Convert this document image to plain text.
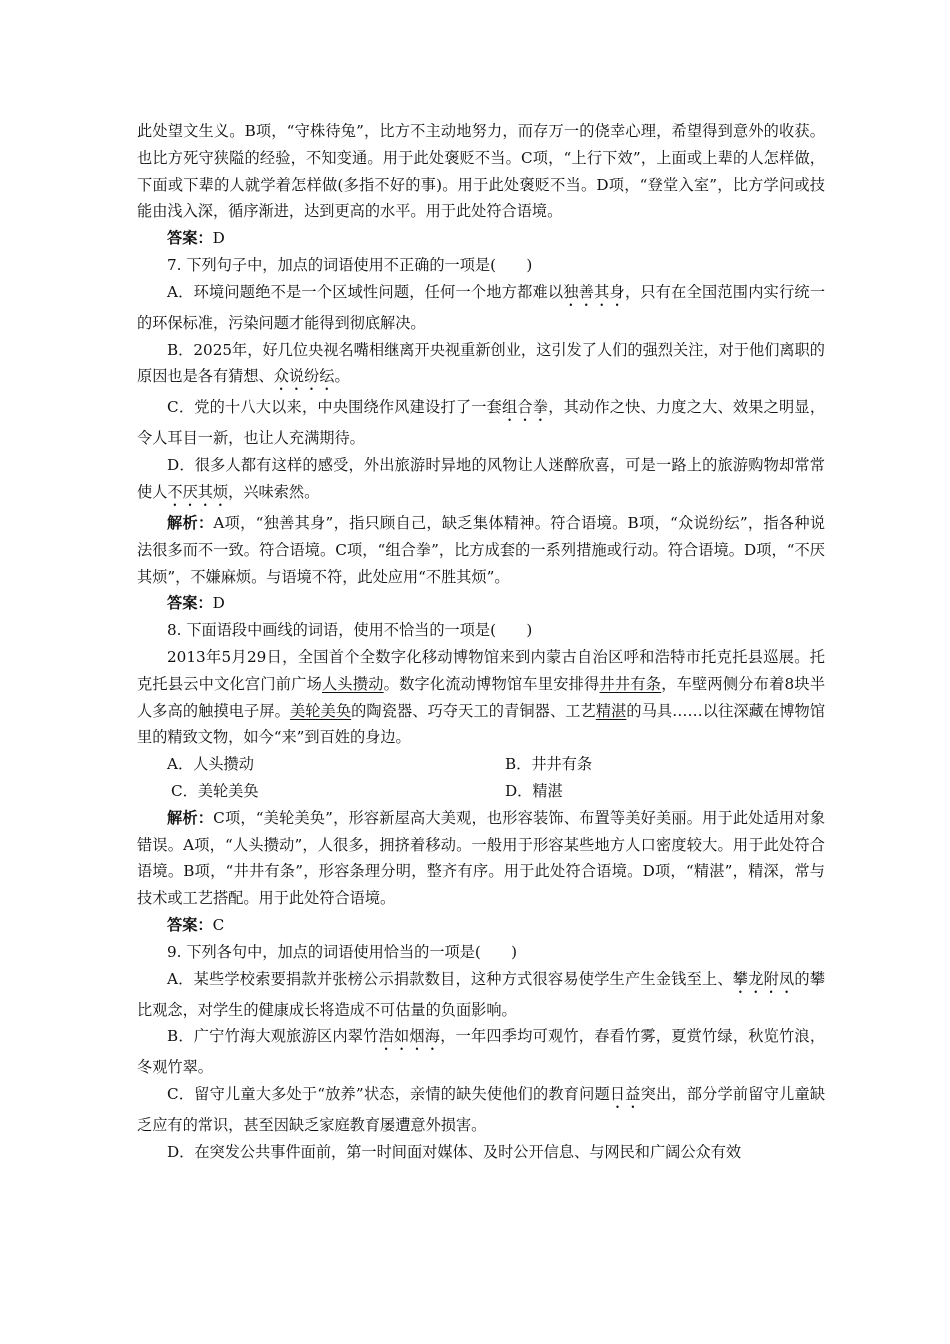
此处望文生义。B项，“守株待兔”，比方不主动地努力，而存万一的侥幸心理，希望得到意外的收获。也比方死守狭隘的经验，不知变通。用于此处褒贬不当。C项，“上行下效”，上面或上辈的人怎样做，下面或下辈的人就学着怎样做(多指不好的事)。用于此处褒贬不当。D项，“登堂入室”，比方学问或技能由浅入深，循序渐进，达到更高的水平。用于此处符合语境。

答案：D

7. 下列句子中，加点的词语使用不正确的一项是(　　)

A．环境问题绝不是一个区域性问题，任何一个地方都难以独善其身，只有在全国范围内实行统一的环保标准，污染问题才能得到彻底解决。

B．2025年，好几位央视名嘴相继离开央视重新创业，这引发了人们的强烈关注，对于他们离职的原因也是各有猜想、众说纷纭。

C．党的十八大以来，中央围绕作风建设打了一套组合拳，其动作之快、力度之大、效果之明显，令人耳目一新，也让人充满期待。

D．很多人都有这样的感受，外出旅游时异地的风物让人迷醉欣喜，可是一路上的旅游购物却常常使人不厌其烦，兴味索然。

解析：A项，“独善其身”，指只顾自己，缺乏集体精神。符合语境。B项，“众说纷纭”，指各种说法很多而不一致。符合语境。C项，“组合拳”，比方成套的一系列措施或行动。符合语境。D项，“不厌其烦”，不嫌麻烦。与语境不符，此处应用“不胜其烦”。

答案：D

8. 下面语段中画线的词语，使用不恰当的一项是(　　)

2013年5月29日，全国首个全数字化移动博物馆来到内蒙古自治区呼和浩特市托克托县巡展。托克托县云中文化宫门前广场人头攒动。数字化流动博物馆车里安排得井井有条，车壁两侧分布着8块半人多高的触摸电子屏。美轮美奂的陶瓷器、巧夺天工的青铜器、工艺精湛的马具……以往深藏在博物馆里的精致文物，如今“来”到百姓的身边。

A．人头攒动	B．井井有条
C．美轮美奂	D．精湛

解析：C项，“美轮美奂”，形容新屋高大美观，也形容装饰、布置等美好美丽。用于此处适用对象错误。A项，“人头攒动”，人很多，拥挤着移动。一般用于形容某些地方人口密度较大。用于此处符合语境。B项，“井井有条”，形容条理分明，整齐有序。用于此处符合语境。D项，“精湛”，精深，常与技术或工艺搭配。用于此处符合语境。

答案：C

9. 下列各句中，加点的词语使用恰当的一项是(　　)

A．某些学校索要捐款并张榜公示捐款数目，这种方式很容易使学生产生金钱至上、攀龙附凤的攀比观念，对学生的健康成长将造成不可估量的负面影响。

B．广宁竹海大观旅游区内翠竹浩如烟海，一年四季均可观竹，春看竹雾，夏赏竹绿，秋览竹浪，冬观竹翠。

C．留守儿童大多处于“放养”状态，亲情的缺失使他们的教育问题日益突出，部分学前留守儿童缺乏应有的常识，甚至因缺乏家庭教育屡遭意外损害。

D．在突发公共事件面前，第一时间面对媒体、及时公开信息、与网民和广阔公众有效
